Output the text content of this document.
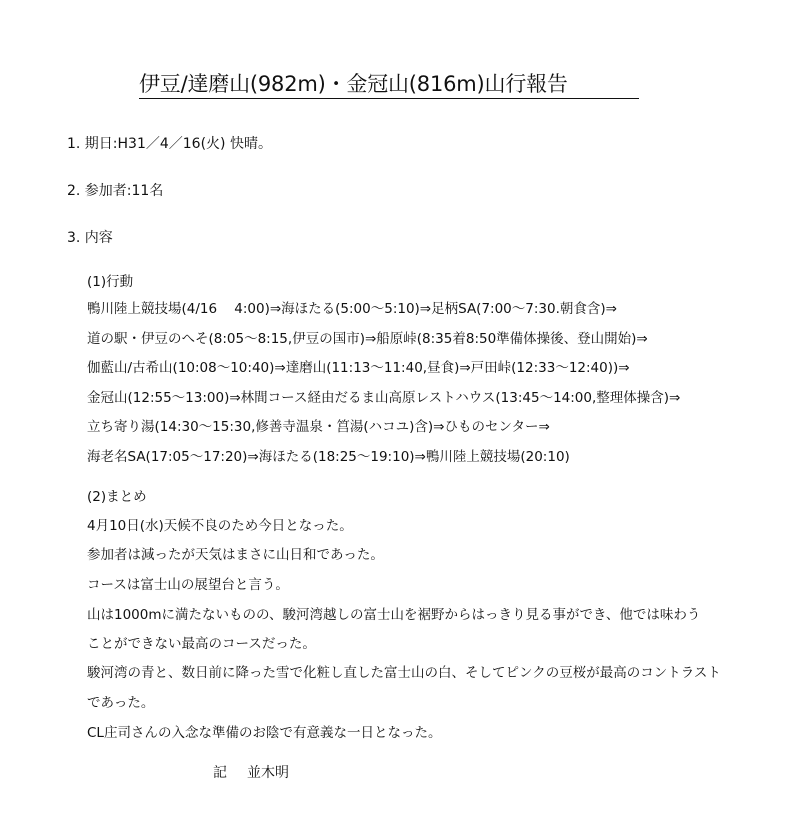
伊豆/達磨山(982m)・金冠山(816m)山行報告
1. 期日:H31／4／16(火) 快晴。
2. 参加者:11名
3. 内容
(1)行動
鴨川陸上競技場(4/16    4:00)⇒海ほたる(5:00～5:10)⇒足柄SA(7:00～7:30.朝食含)⇒
道の駅・伊豆のへそ(8:05～8:15,伊豆の国市)⇒船原峠(8:35着8:50準備体操後、登山開始)⇒
伽藍山/古希山(10:08～10:40)⇒達磨山(11:13～11:40,昼食)⇒戸田峠(12:33～12:40))⇒
金冠山(12:55～13:00)⇒林間コース経由だるま山高原レストハウス(13:45～14:00,整理体操含)⇒
立ち寄り湯(14:30～15:30,修善寺温泉・筥湯(ハコユ)含)⇒ひものセンター⇒
海老名SA(17:05～17:20)⇒海ほたる(18:25～19:10)⇒鴨川陸上競技場(20:10)
(2)まとめ
4月10日(水)天候不良のため今日となった。
参加者は減ったが天気はまさに山日和であった。
コースは富士山の展望台と言う。
山は1000mに満たないものの、駿河湾越しの富士山を裾野からはっきり見る事ができ、他では味わう
ことができない最高のコースだった。
駿河湾の青と、数日前に降った雪で化粧し直した富士山の白、そしてピンクの豆桜が最高のコントラスト
であった。
CL庄司さんの入念な準備のお陰で有意義な一日となった。
記 並木明
